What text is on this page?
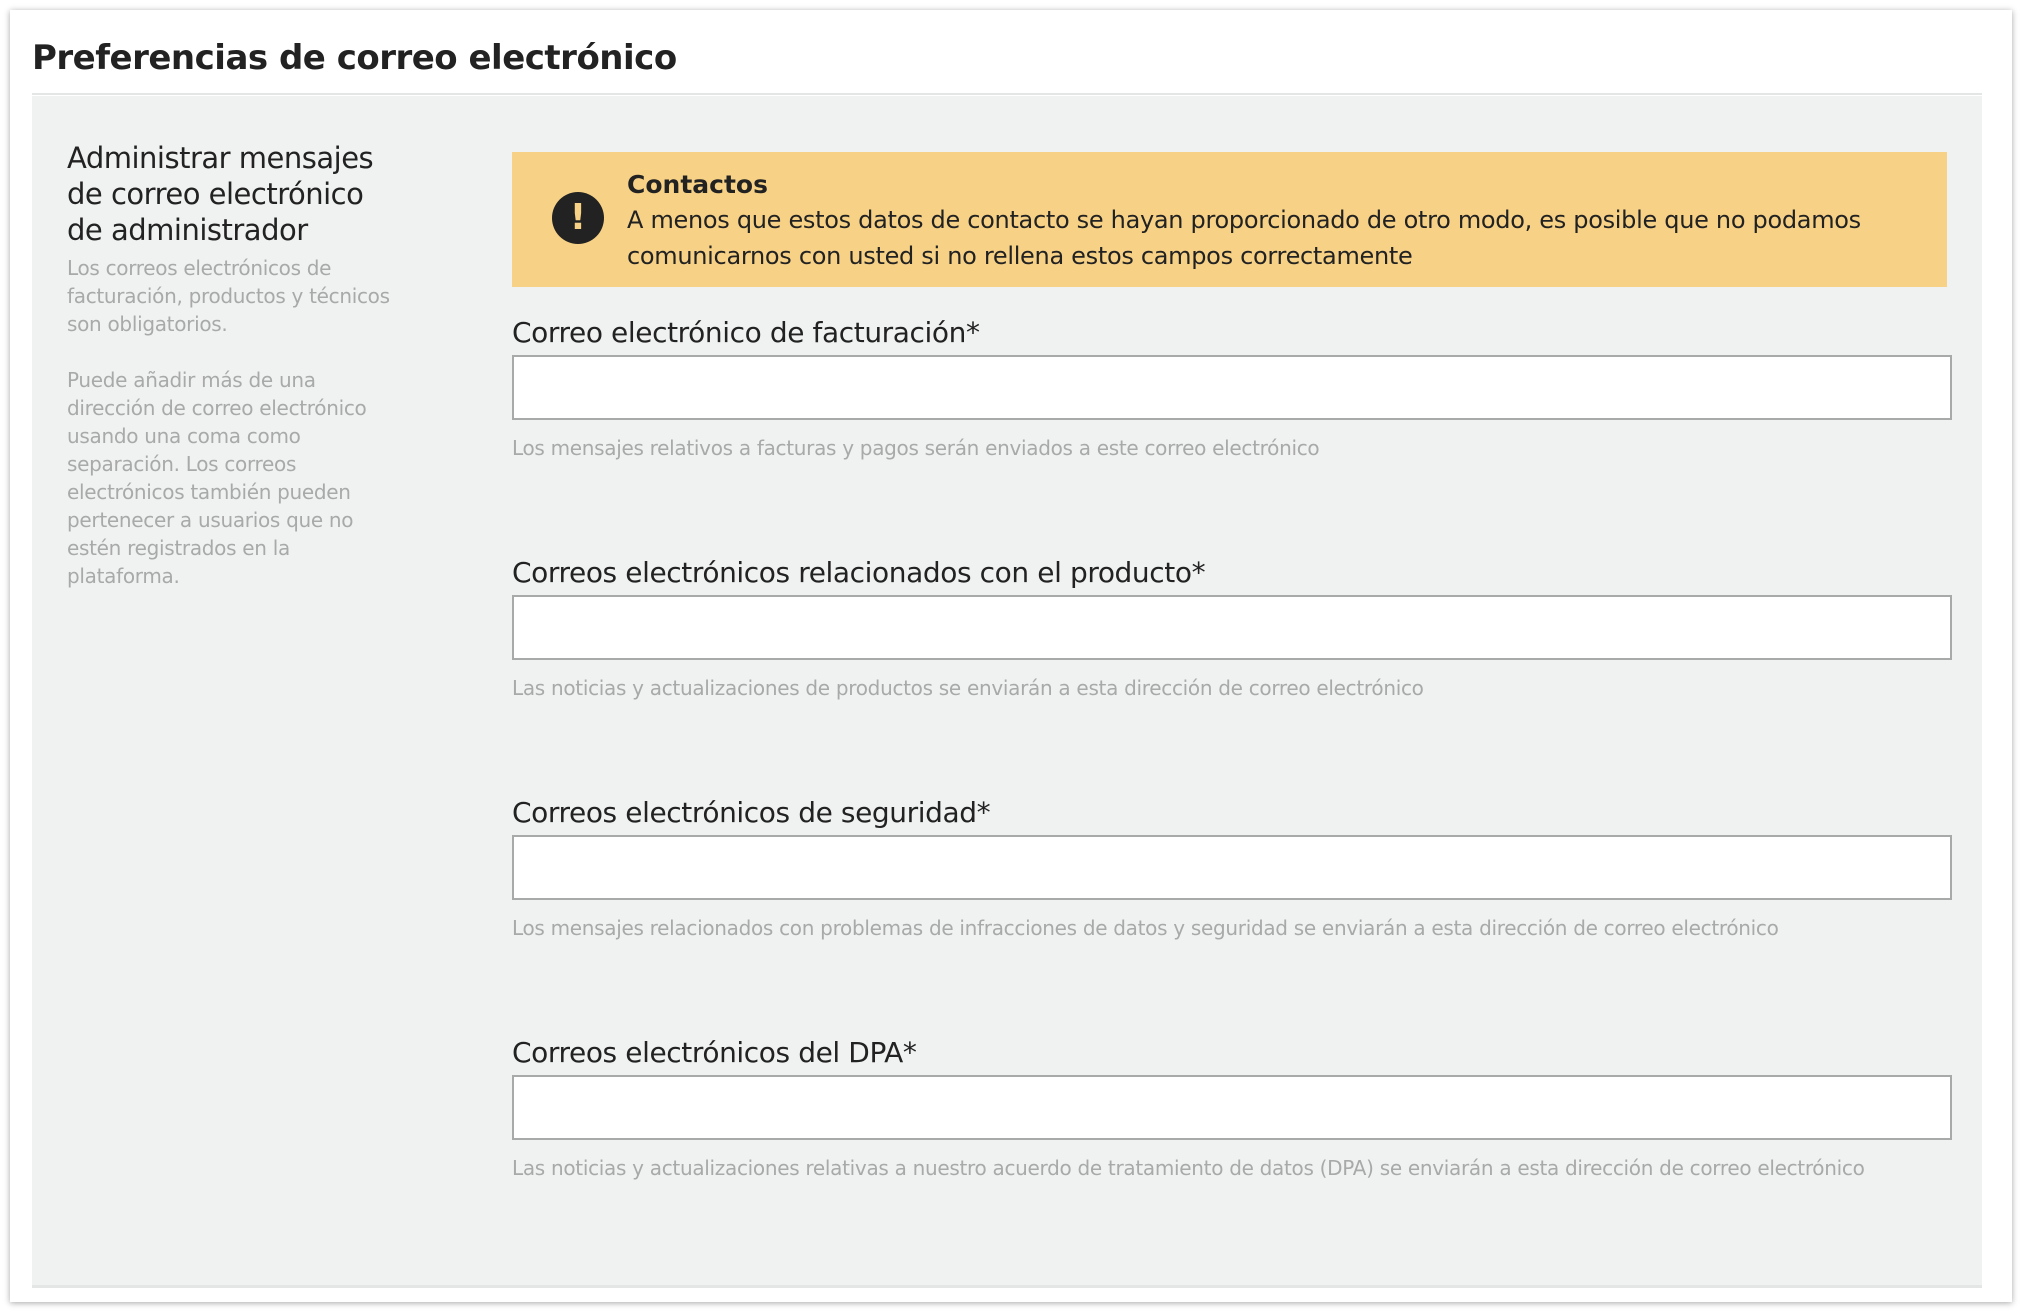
Preferencias de correo electrónico
Administrar mensajes de correo electrónico de administrador

Los correos electrónicos de facturación, productos y técnicos son obligatorios.

Puede añadir más de una dirección de correo electrónico usando una coma como separación. Los correos electrónicos también pueden pertenecer a usuarios que no estén registrados en la plataforma.

!
Contactos
A menos que estos datos de contacto se hayan proporcionado de otro modo, es posible que no podamos comunicarnos con usted si no rellena estos campos correctamente
Correo electrónico de facturación*
Los mensajes relativos a facturas y pagos serán enviados a este correo electrónico
Correos electrónicos relacionados con el producto*
Las noticias y actualizaciones de productos se enviarán a esta dirección de correo electrónico
Correos electrónicos de seguridad*
Los mensajes relacionados con problemas de infracciones de datos y seguridad se enviarán a esta dirección de correo electrónico
Correos electrónicos del DPA*
Las noticias y actualizaciones relativas a nuestro acuerdo de tratamiento de datos (DPA) se enviarán a esta dirección de correo electrónico
